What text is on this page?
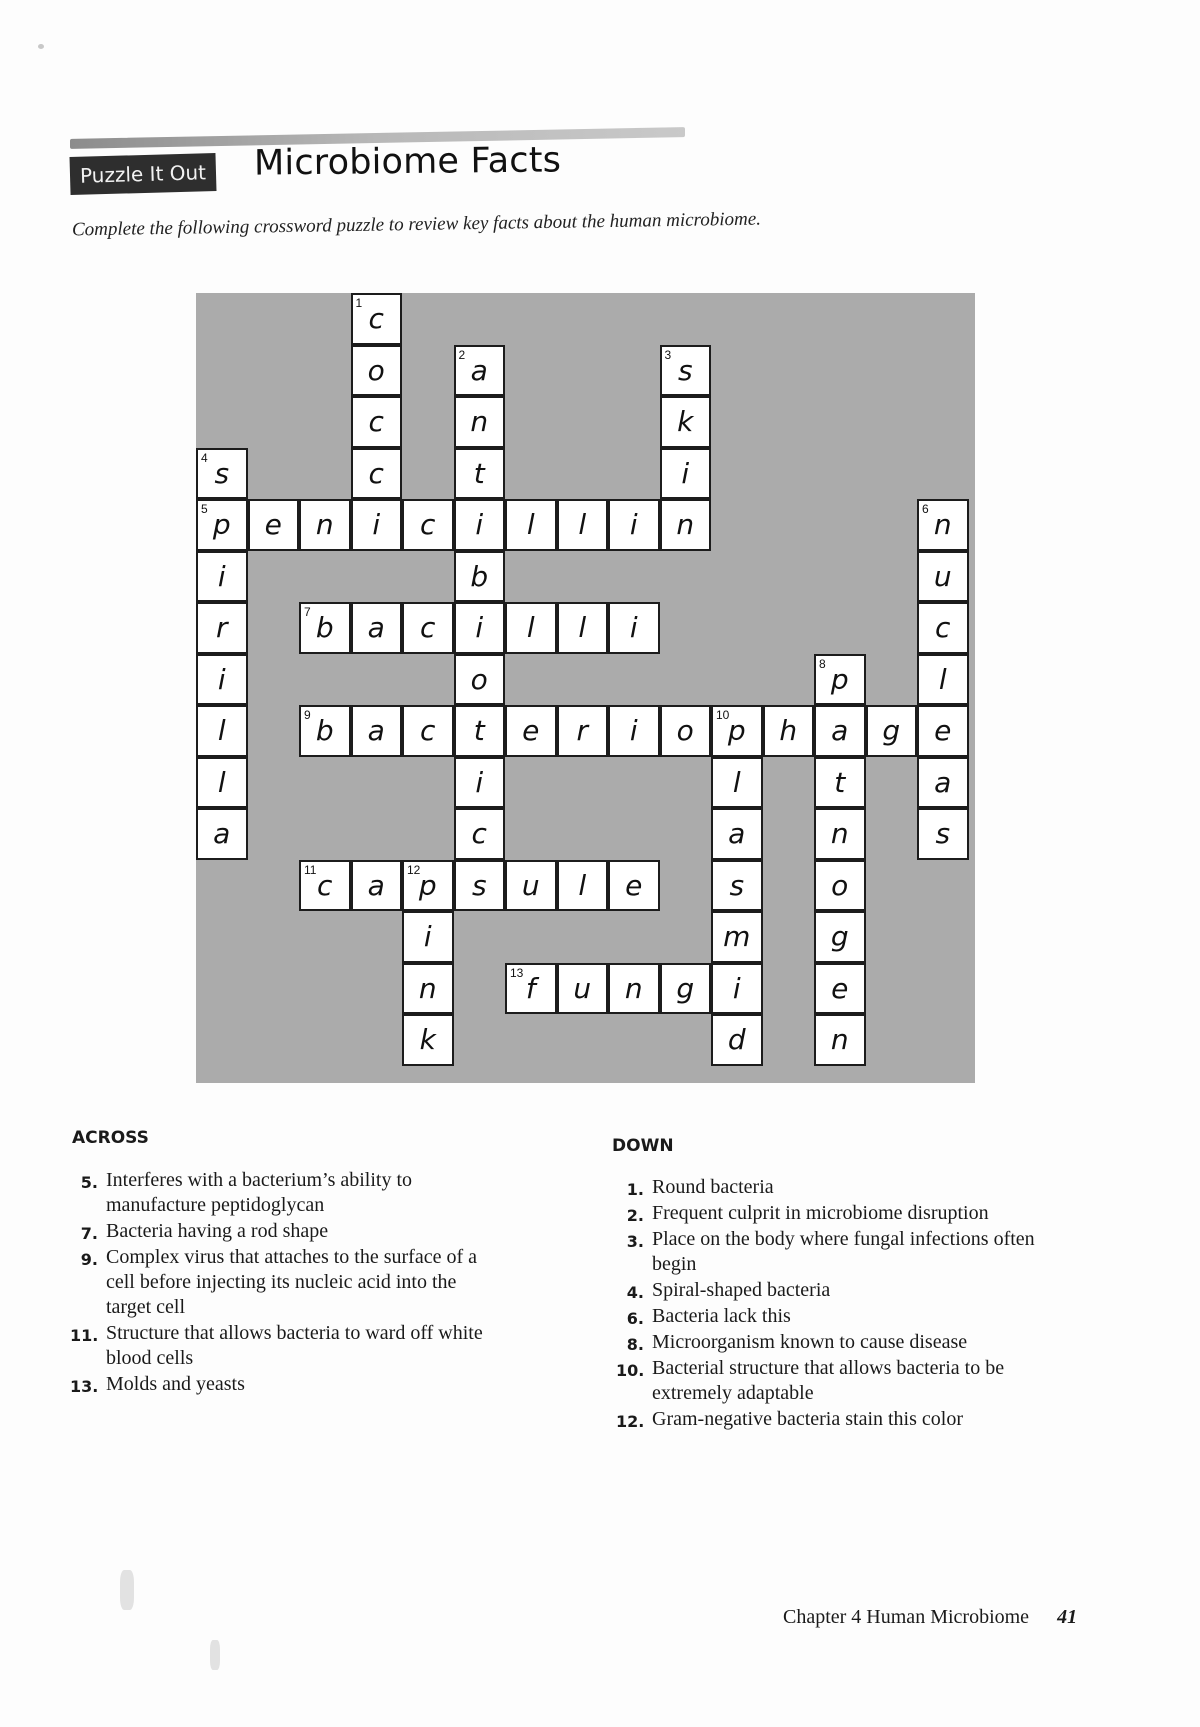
Puzzle It Out Microbiome Facts
Complete the following crossword puzzle to review key facts about the human microbiome.
1 c
o
c
c
i
2 a
n
t
i
b
i
o
t
i
c
3 s
k
i
n
4 s
5 p
i
r
i
l
l
a
e n	c	l l i	6 n
u
c
l
e
a
s
7 b a c	l l i
8 p
a
t
n
o
g
e
n
9 b a c	e r i o 10
p h	g
l
a
s
m
i
d
11 c a 12
p s u l e
i
n
k
13 f u n g
ACROSS
5. Interferes with a bacterium’s ability to
manufacture peptidoglycan
7. Bacteria having a rod shape
9. Complex virus that attaches to the surface of a
cell before injecting its nucleic acid into the
target cell
11. Structure that allows bacteria to ward off white
blood cells
13. Molds and yeasts
DOWN
1. Round bacteria
2. Frequent culprit in microbiome disruption
3. Place on the body where fungal infections often
begin
4. Spiral-shaped bacteria
6. Bacteria lack this
8. Microorganism known to cause disease
10. Bacterial structure that allows bacteria to be
extremely adaptable
12. Gram-negative bacteria stain this color
Chapter 4 Human Microbiome 41
